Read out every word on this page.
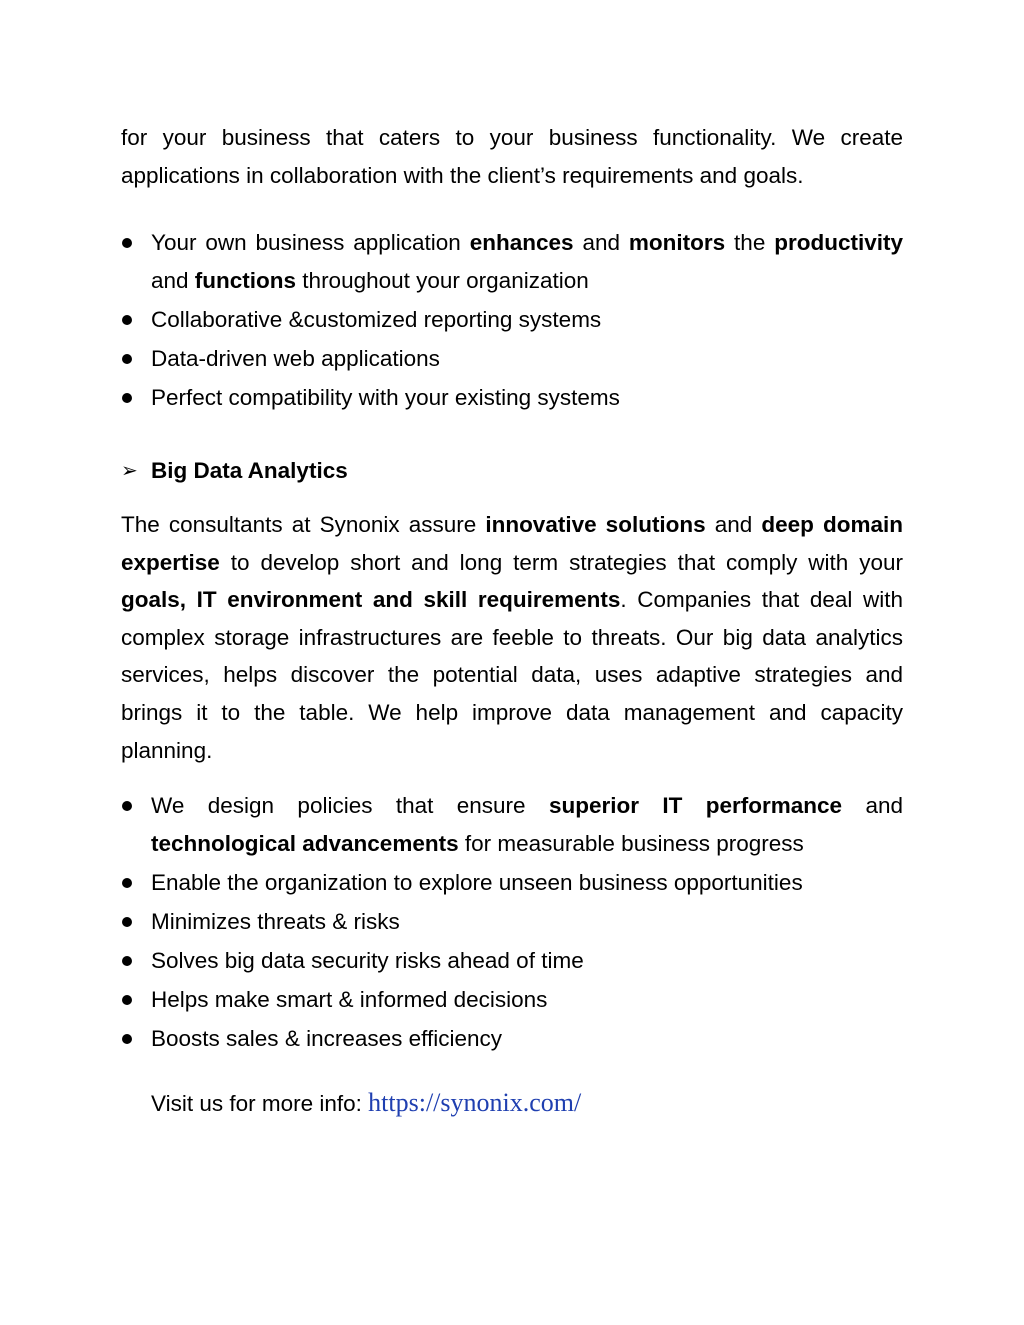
for your business that caters to your business functionality. We create applications in collaboration with the client’s requirements and goals.

Your own business application enhances and monitors the productivity and functions throughout your organization
Collaborative &customized reporting systems
Data-driven web applications
Perfect compatibility with your existing systems
➢ Big Data Analytics

The consultants at Synonix assure innovative solutions and deep domain expertise to develop short and long term strategies that comply with your goals, IT environment and skill requirements. Companies that deal with complex storage infrastructures are feeble to threats. Our big data analytics services, helps discover the potential data, uses adaptive strategies and brings it to the table. We help improve data management and capacity planning.

We design policies that ensure superior IT performance and technological advancements for measurable business progress
Enable the organization to explore unseen business opportunities
Minimizes threats & risks
Solves big data security risks ahead of time
Helps make smart & informed decisions
Boosts sales & increases efficiency

Visit us for more info: https://synonix.com/
